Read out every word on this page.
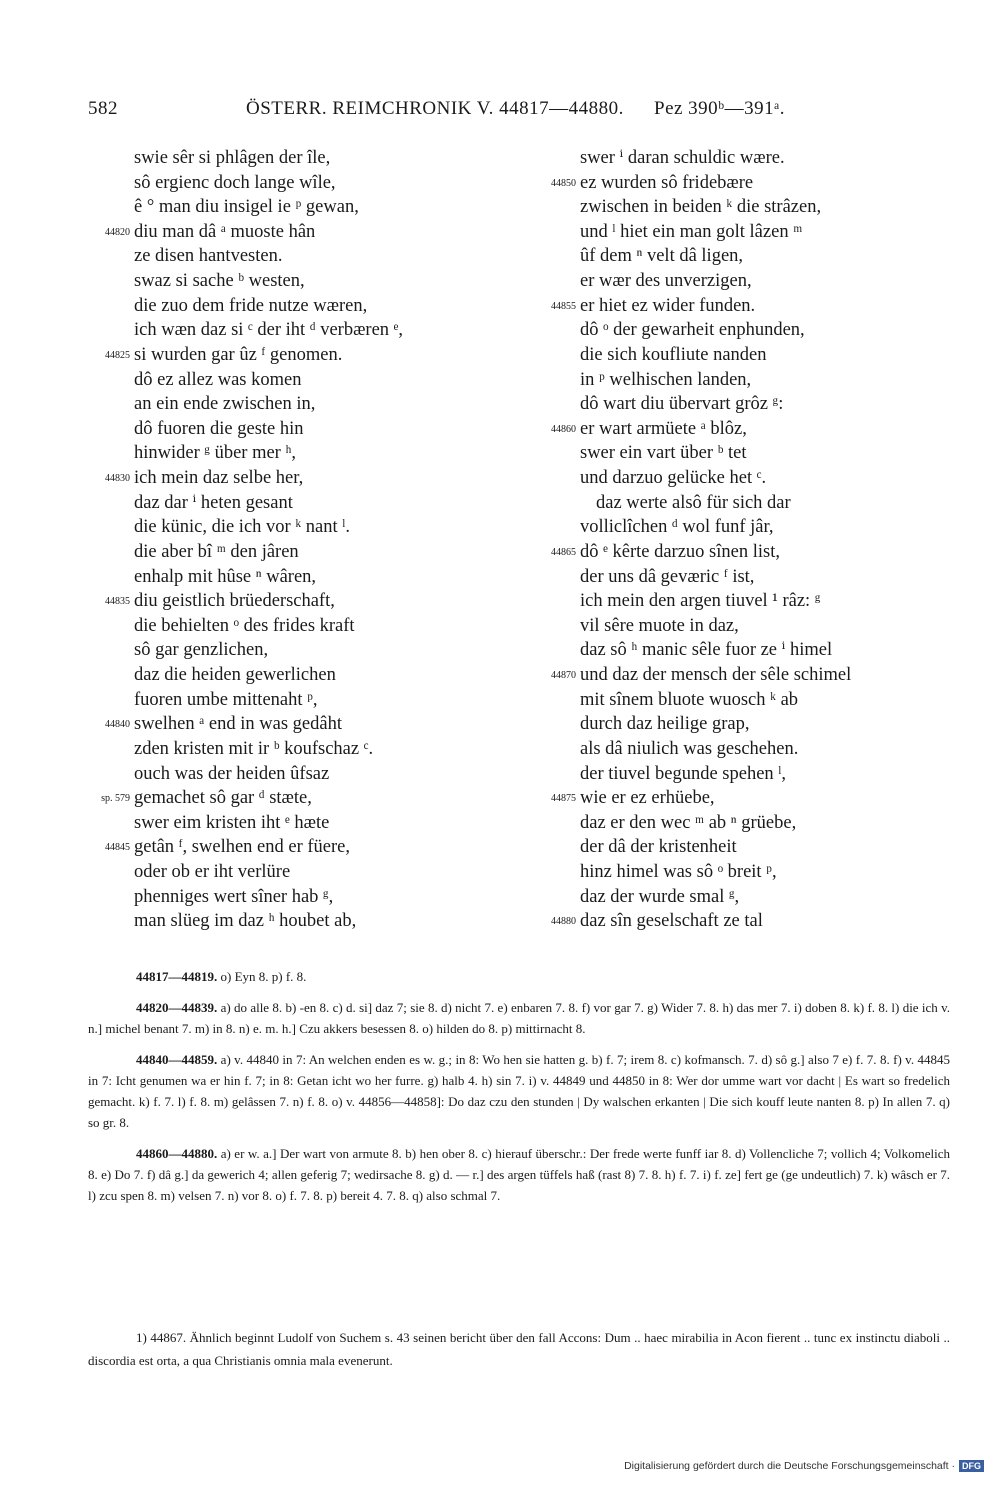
582	ÖSTERR. REIMCHRONIK V. 44817—44880. Pez 390ᵇ—391ᵃ.
swie sêr si phlâgen der île,
sô ergienc doch lange wîle,
ê ° man diu insigel ie ᵖ gewan,
44820 diu man dâ ᵃ muoste hân
ze disen hantvesten.
swaz si sache ᵇ westen,
die zuo dem fride nutze wæren,
ich wæn daz si ᶜ der iht ᵈ verbæren ᵉ,
44825 si wurden gar ûz ᶠ genomen.
dô ez allez was komen
an ein ende zwischen in,
dô fuoren die geste hin
hinwider ᵍ über mer ʰ,
44830 ich mein daz selbe her,
daz dar ⁱ heten gesant
die künic, die ich vor ᵏ nant ˡ.
die aber bî ᵐ den jâren
enhalp mit hûse ⁿ wâren,
44835 diu geistlich brüederschaft,
die behielten ᵒ des frides kraft
sô gar genzlichen,
daz die heiden gewerlichen
fuoren umbe mittenaht ᵖ,
44840 swelhen ᵃ end in was gedâht
zden kristen mit ir ᵇ koufschaz ᶜ.
ouch was der heiden ûfsaz
sp. 579 gemachet sô gar ᵈ stæte,
swer eim kristen iht ᵉ hæte
44845 getân ᶠ, swelhen end er füere,
oder ob er iht verlüre
phenniges wert sîner hab ᵍ,
man slüeg im daz ʰ houbet ab,
swer ⁱ daran schuldic wære.
44850 ez wurden sô fridebære
zwischen in beiden ᵏ die strâzen,
und ˡ hiet ein man golt lâzen ᵐ
ûf dem ⁿ velt dâ ligen,
er wær des unverzigen,
44855 er hiet ez wider funden.
dô ᵒ der gewarheit enphunden,
die sich koufliute nanden
in ᵖ welhischen landen,
dô wart diu übervart grôz ᵍ:
44860 er wart armüete ᵃ blôz,
swer ein vart über ᵇ tet
und darzuo gelücke het ᶜ.
daz werte alsô für sich dar
volliclîchen ᵈ wol funf jâr,
44865 dô ᵉ kêrte darzuo sînen list,
der uns dâ geværic ᶠ ist,
ich mein den argen tiuvel ¹ râz: ᵍ
vil sêre muote in daz,
daz sô ʰ manic sêle fuor ze ⁱ himel
44870 und daz der mensch der sêle schimel
mit sînem bluote wuosch ᵏ ab
durch daz heilige grap,
als dâ niulich was geschehen.
der tiuvel begunde spehen ˡ,
44875 wie er ez erhüebe,
daz er den wec ᵐ ab ⁿ grüebe,
der dâ der kristenheit
hinz himel was sô ᵒ breit ᵖ,
daz der wurde smal ᵍ,
44880 daz sîn geselschaft ze tal

44817—44819. o) Eyn 8. p) f. 8.

44820—44839. a) do alle 8. b) -en 8. c) d. si] daz 7; sie 8. d) nicht 7. e) enbaren 7. 8. f) vor gar 7. g) Wider 7. 8. h) das mer 7. i) doben 8. k) f. 8. l) die ich v. n.] michel benant 7. m) in 8. n) e. m. h.] Czu akkers besessen 8. o) hilden do 8. p) mittirnacht 8.

44840—44859. a) v. 44840 in 7: An welchen enden es w. g.; in 8: Wo hen sie hatten g. b) f. 7; irem 8. c) kofmansch. 7. d) sô g.] also 7 e) f. 7. 8. f) v. 44845 in 7: Icht genumen wa er hin f. 7; in 8: Getan icht wo her furre. g) halb 4. h) sin 7. i) v. 44849 und 44850 in 8: Wer dor umme wart vor dacht | Es wart so fredelich gemacht. k) f. 7. l) f. 8. m) gelâssen 7. n) f. 8. o) v. 44856—44858]: Do daz czu den stunden | Dy walschen erkanten | Die sich kouff leute nanten 8. p) In allen 7. q) so gr. 8.

44860—44880. a) er w. a.] Der wart von armute 8. b) hen ober 8. c) hierauf überschr.: Der frede werte funff iar 8. d) Vollencliche 7; vollich 4; Volkomelich 8. e) Do 7. f) dâ g.] da gewerich 4; allen geferig 7; wedirsache 8. g) d. — r.] des argen tüffels haß (rast 8) 7. 8. h) f. 7. i) f. ze] fert ge (ge undeutlich) 7. k) wâsch er 7. l) zcu spen 8. m) velsen 7. n) vor 8. o) f. 7. 8. p) bereit 4. 7. 8. q) also schmal 7.

1) 44867. Ähnlich beginnt Ludolf von Suchem s. 43 seinen bericht über den fall Accons: Dum .. haec mirabilia in Acon fierent .. tunc ex instinctu diaboli .. discordia est orta, a qua Christianis omnia mala evenerunt.

Digitalisierung gefördert durch die Deutsche Forschungsgemeinschaft · DFG
